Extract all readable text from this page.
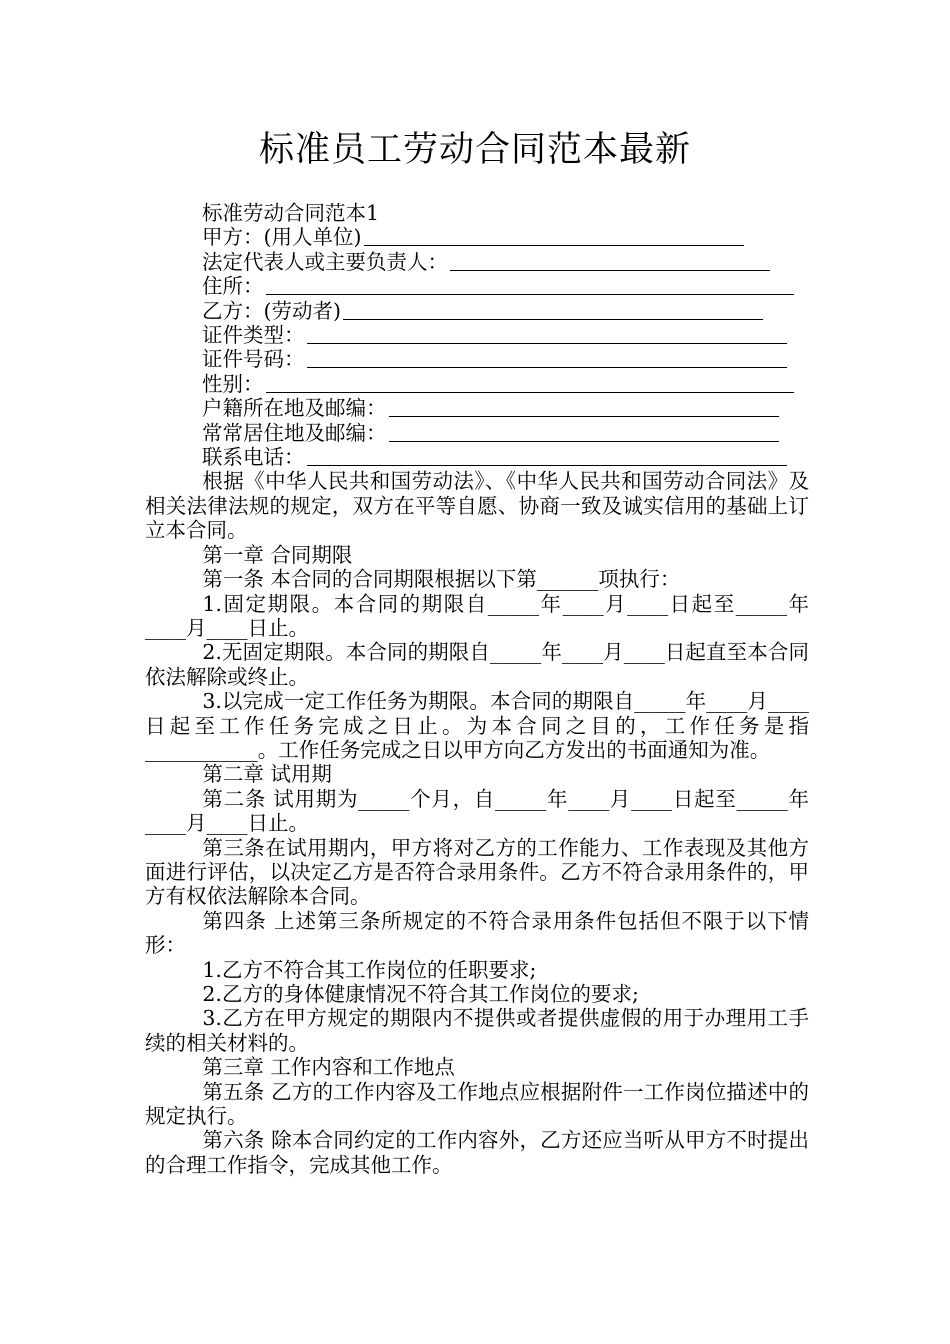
标准员工劳动合同范本最新
标准劳动合同范本1
甲方：(用人单位)
法定代表人或主要负责人：
住所：
乙方：(劳动者)
证件类型：
证件号码：
性别：
户籍所在地及邮编：
常常居住地及邮编：
联系电话：

根据《中华人民共和国劳动法》、《中华人民共和国劳动合同法》及相关法律法规的规定，双方在平等自愿、协商一致及诚实信用的基础上订立本合同。

第一章 合同期限

第一条 本合同的合同期限根据以下第______项执行：

1.固定期限。本合同的期限自_____年____月____日起至_____年____月____日止。

2.无固定期限。本合同的期限自_____年____月____日起直至本合同依法解除或终止。

3.以完成一定工作任务为期限。本合同的期限自_____年____月____日起至工作任务完成之日止。为本合同之目的，工作任务是指___________。工作任务完成之日以甲方向乙方发出的书面通知为准。

第二章 试用期

第二条 试用期为_____个月，自_____年____月____日起至_____年____月____日止。

第三条在试用期内，甲方将对乙方的工作能力、工作表现及其他方面进行评估，以决定乙方是否符合录用条件。乙方不符合录用条件的，甲方有权依法解除本合同。

第四条 上述第三条所规定的不符合录用条件包括但不限于以下情形：

1.乙方不符合其工作岗位的任职要求;

2.乙方的身体健康情况不符合其工作岗位的要求;

3.乙方在甲方规定的期限内不提供或者提供虚假的用于办理用工手续的相关材料的。

第三章 工作内容和工作地点

第五条 乙方的工作内容及工作地点应根据附件一工作岗位描述中的规定执行。

第六条 除本合同约定的工作内容外，乙方还应当听从甲方不时提出的合理工作指令，完成其他工作。
